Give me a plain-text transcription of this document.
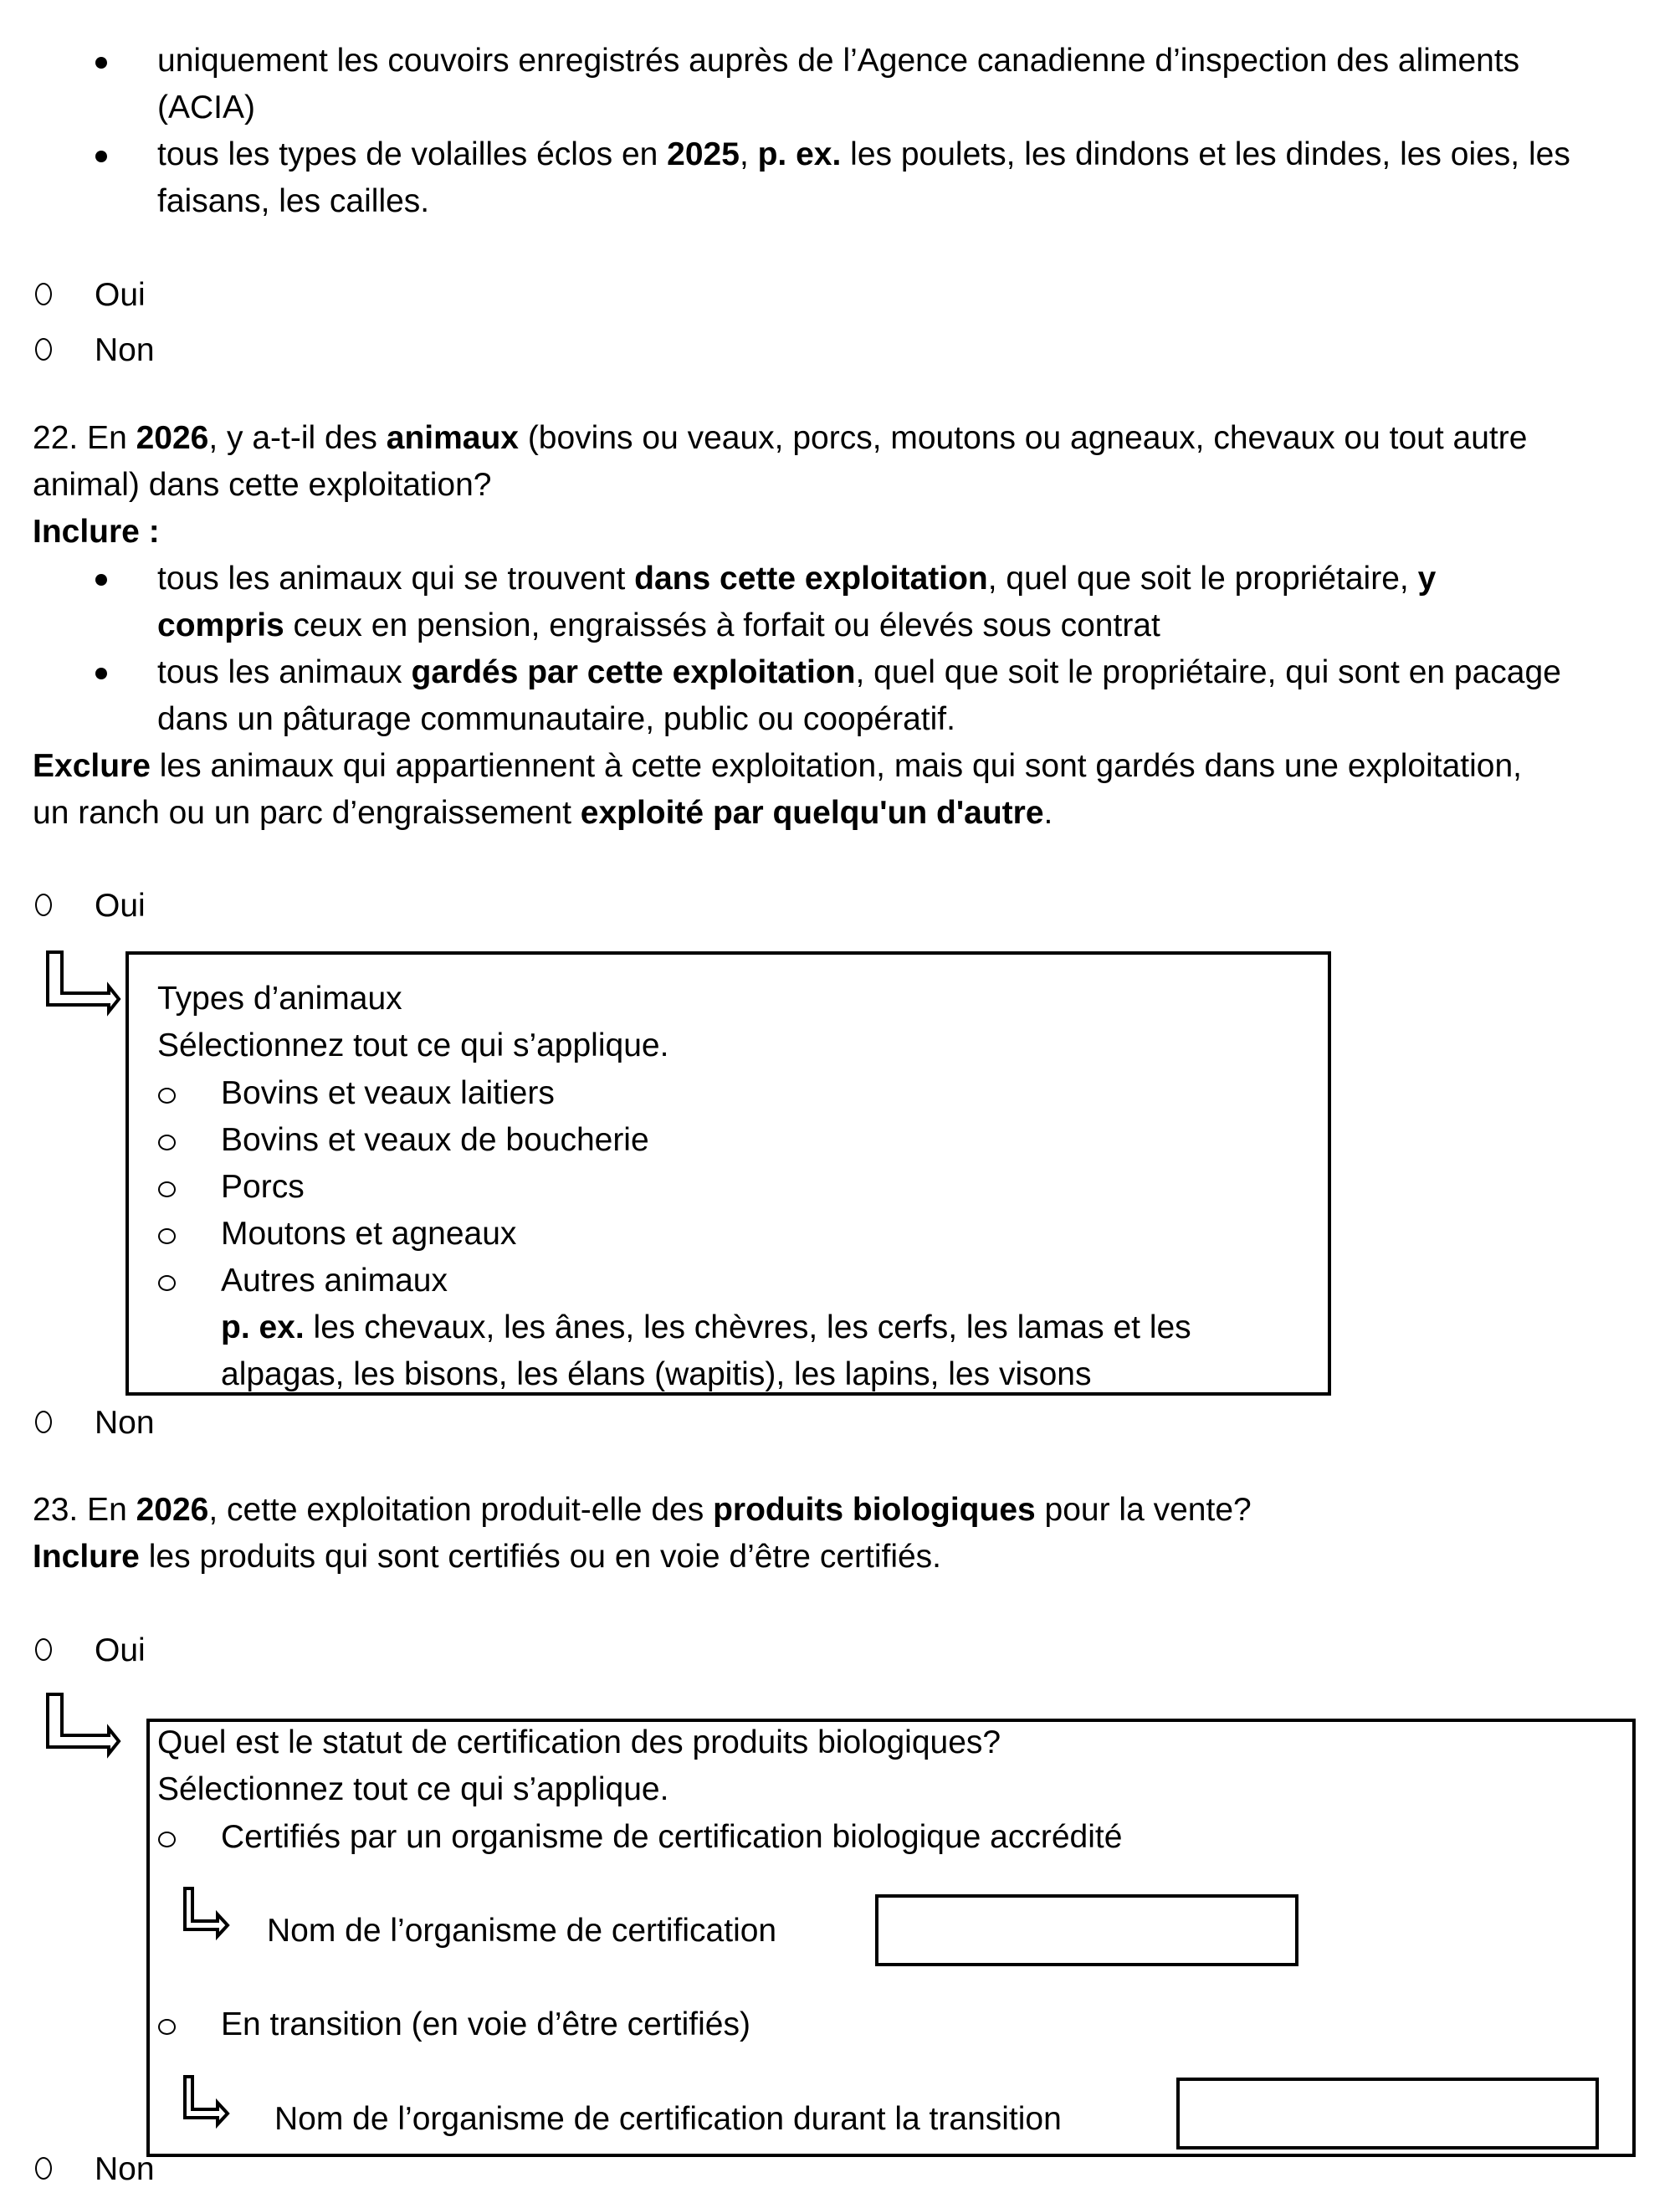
uniquement les couvoirs enregistrés auprès de l’Agence canadienne d’inspection des aliments
(ACIA)
tous les types de volailles éclos en 2025, p. ex. les poulets, les dindons et les dindes, les oies, les
faisans, les cailles.
Oui
Non
22. En 2026, y a-t-il des animaux (bovins ou veaux, porcs, moutons ou agneaux, chevaux ou tout autre
animal) dans cette exploitation?
Inclure :
tous les animaux qui se trouvent dans cette exploitation, quel que soit le propriétaire, y
compris ceux en pension, engraissés à forfait ou élevés sous contrat
tous les animaux gardés par cette exploitation, quel que soit le propriétaire, qui sont en pacage
dans un pâturage communautaire, public ou coopératif.
Exclure les animaux qui appartiennent à cette exploitation, mais qui sont gardés dans une exploitation,
un ranch ou un parc d’engraissement exploité par quelqu'un d'autre.
Oui
Types d’animaux
Sélectionnez tout ce qui s’applique.
Bovins et veaux laitiers
Bovins et veaux de boucherie
Porcs
Moutons et agneaux
Autres animaux
p. ex. les chevaux, les ânes, les chèvres, les cerfs, les lamas et les
alpagas, les bisons, les élans (wapitis), les lapins, les visons
Non
23. En 2026, cette exploitation produit-elle des produits biologiques pour la vente?
Inclure les produits qui sont certifiés ou en voie d’être certifiés.
Oui
Quel est le statut de certification des produits biologiques?
Sélectionnez tout ce qui s’applique.
Certifiés par un organisme de certification biologique accrédité
Nom de l’organisme de certification
En transition (en voie d’être certifiés)
Nom de l’organisme de certification durant la transition
Non
